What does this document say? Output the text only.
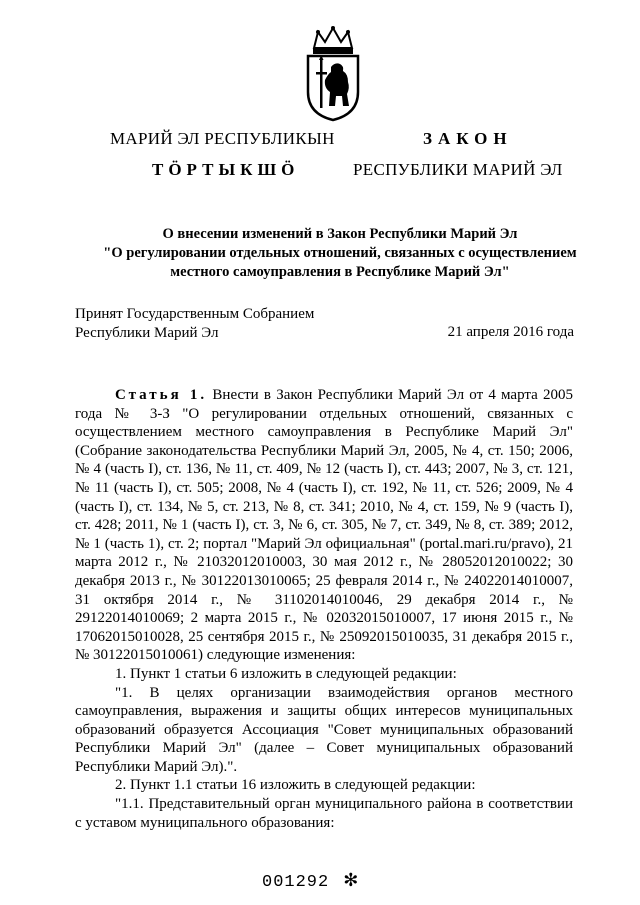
МАРИЙ ЭЛ РЕСПУБЛИКЫН
ТӦРТЫКШӦ
ЗАКОН
РЕСПУБЛИКИ МАРИЙ ЭЛ
О внесении изменений в Закон Республики Марий Эл
"О регулировании отдельных отношений, связанных с осуществлением
местного самоуправления в Республике Марий Эл"
Принят Государственным Собранием
Республики Марий Эл	21 апреля 2016 года

Статья 1. Внести в Закон Республики Марий Эл от 4 марта 2005 года № 3-З "О регулировании отдельных отношений, связанных с осуществлением местного самоуправления в Республике Марий Эл" (Собрание законодательства Республики Марий Эл, 2005, № 4, ст. 150; 2006, № 4 (часть I), ст. 136, № 11, ст. 409, № 12 (часть I), ст. 443; 2007, № 3, ст. 121, № 11 (часть I), ст. 505; 2008, № 4 (часть I), ст. 192, № 11, ст. 526; 2009, № 4 (часть I), ст. 134, № 5, ст. 213, № 8, ст. 341; 2010, № 4, ст. 159, № 9 (часть I), ст. 428; 2011, № 1 (часть I), ст. 3, № 6, ст. 305, № 7, ст. 349, № 8, ст. 389; 2012, № 1 (часть 1), ст. 2; портал "Марий Эл официальная" (portal.mari.ru/pravo), 21 марта 2012 г., № 21032012010003, 30 мая 2012 г., № 28052012010022; 30 декабря 2013 г., № 30122013010065; 25 февраля 2014 г., № 24022014010007, 31 октября 2014 г., № 31102014010046, 29 декабря 2014 г., № 29122014010069; 2 марта 2015 г., № 02032015010007, 17 июня 2015 г., № 17062015010028, 25 сентября 2015 г., № 25092015010035, 31 декабря 2015 г., № 30122015010061) следующие изменения:

1. Пункт 1 статьи 6 изложить в следующей редакции:

"1. В целях организации взаимодействия органов местного самоуправления, выражения и защиты общих интересов муниципальных образований образуется Ассоциация "Совет муниципальных образований Республики Марий Эл" (далее – Совет муниципальных образований Республики Марий Эл).".

2. Пункт 1.1 статьи 16 изложить в следующей редакции:

"1.1. Представительный орган муниципального района в соответствии с уставом муниципального образования:

001292 ✻
